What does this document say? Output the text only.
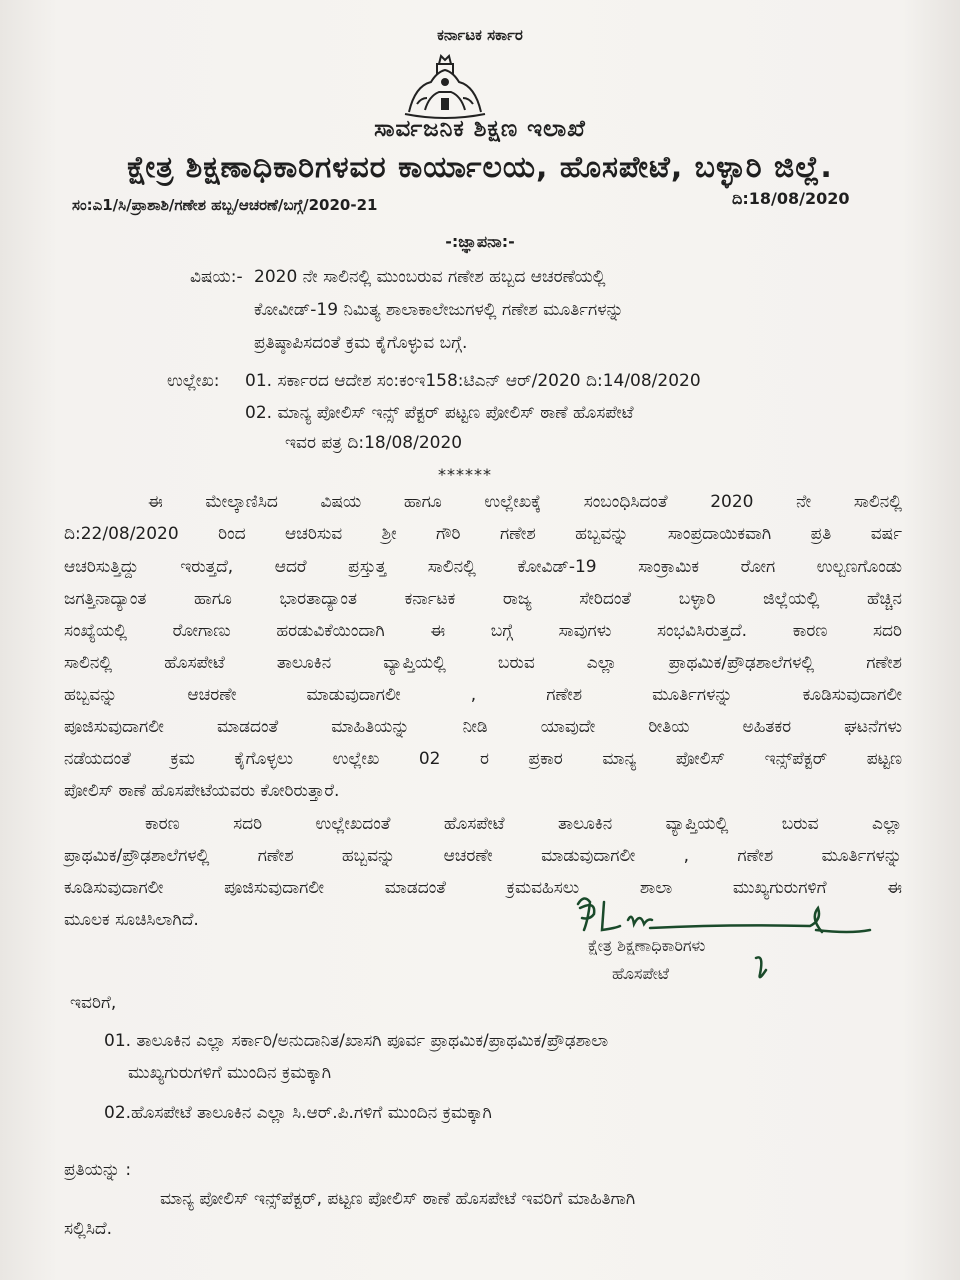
ಕರ್ನಾಟಕ ಸರ್ಕಾರ
ಸಾರ್ವಜನಿಕ ಶಿಕ್ಷಣ ಇಲಾಖೆ
ಕ್ಷೇತ್ರ ಶಿಕ್ಷಣಾಧಿಕಾರಿಗಳವರ ಕಾರ್ಯಾಲಯ, ಹೊಸಪೇಟೆ, ಬಳ್ಳಾರಿ ಜಿಲ್ಲೆ.
ದಿ:18/08/2020
ಸಂ:ಎ1/ಸಿ/ಪ್ರಾಶಾಶಿ/ಗಣೇಶ ಹಬ್ಬ/ಆಚರಣೆ/ಬಗ್ಗೆ/2020-21
-:ಜ್ಞಾಪನಾ:-
ವಿಷಯ:- 2020 ನೇ ಸಾಲಿನಲ್ಲಿ ಮುಂಬರುವ ಗಣೇಶ ಹಬ್ಬದ ಆಚರಣೆಯಲ್ಲಿ
ಕೋವೀಡ್-19 ನಿಮಿತ್ಯ ಶಾಲಾಕಾಲೇಜುಗಳಲ್ಲಿ ಗಣೇಶ ಮೂರ್ತಿಗಳನ್ನು
ಪ್ರತಿಷ್ಠಾಪಿಸದಂತೆ ಕ್ರಮ ಕೈಗೊಳ್ಳುವ ಬಗ್ಗೆ.
ಉಲ್ಲೇಖ: 01. ಸರ್ಕಾರದ ಆದೇಶ ಸಂ:ಕಂಇ158:ಟಿಎನ್ ಆರ್/2020 ದಿ:14/08/2020
02. ಮಾನ್ಯ ಪೋಲಿಸ್ ಇನ್ಸ್ ಪೆಕ್ಟರ್ ಪಟ್ಟಣ ಪೋಲಿಸ್ ಠಾಣೆ ಹೊಸಪೇಟೆ
ಇವರ ಪತ್ರ ದಿ:18/08/2020
******
ಈ ಮೇಲ್ಕಾಣಿಸಿದ ವಿಷಯ ಹಾಗೂ ಉಲ್ಲೇಖಕ್ಕೆ ಸಂಬಂಧಿಸಿದಂತೆ 2020 ನೇ ಸಾಲಿನಲ್ಲಿ
ದಿ:22/08/2020 ರಿಂದ ಆಚರಿಸುವ ಶ್ರೀ ಗೌರಿ ಗಣೇಶ ಹಬ್ಬವನ್ನು ಸಾಂಪ್ರದಾಯಿಕವಾಗಿ ಪ್ರತಿ ವರ್ಷ
ಆಚರಿಸುತ್ತಿದ್ದು ಇರುತ್ತದೆ, ಆದರೆ ಪ್ರಸ್ತುತ್ತ ಸಾಲಿನಲ್ಲಿ ಕೋವಿಡ್-19 ಸಾಂಕ್ರಾಮಿಕ ರೋಗ ಉಲ್ಬಣಗೊಂಡು
ಜಗತ್ತಿನಾದ್ಯಾಂತ ಹಾಗೂ ಭಾರತಾದ್ಯಾಂತ ಕರ್ನಾಟಕ ರಾಜ್ಯ ಸೇರಿದಂತೆ ಬಳ್ಳಾರಿ ಜಿಲ್ಲೆಯಲ್ಲಿ ಹೆಚ್ಚಿನ
ಸಂಖ್ಯೆಯಲ್ಲಿ ರೋಗಾಣು ಹರಡುವಿಕೆಯಿಂದಾಗಿ ಈ ಬಗ್ಗೆ ಸಾವುಗಳು ಸಂಭವಿಸಿರುತ್ತದೆ. ಕಾರಣ ಸದರಿ
ಸಾಲಿನಲ್ಲಿ ಹೊಸಪೇಟೆ ತಾಲೂಕಿನ ವ್ಯಾಪ್ತಿಯಲ್ಲಿ ಬರುವ ಎಲ್ಲಾ ಪ್ರಾಥಮಿಕ/ಪ್ರೌಢಶಾಲೆಗಳಲ್ಲಿ ಗಣೇಶ
ಹಬ್ಬವನ್ನು ಆಚರಣೇ ಮಾಡುವುದಾಗಲೀ , ಗಣೇಶ ಮೂರ್ತಿಗಳನ್ನು ಕೂಡಿಸುವುದಾಗಲೀ
ಪೂಜಿಸುವುದಾಗಲೀ ಮಾಡದಂತೆ ಮಾಹಿತಿಯನ್ನು ನೀಡಿ ಯಾವುದೇ ರೀತಿಯ ಅಹಿತಕರ ಘಟನೆಗಳು
ನಡೆಯದಂತೆ ಕ್ರಮ ಕೈಗೊಳ್ಳಲು ಉಲ್ಲೇಖ 02 ರ ಪ್ರಕಾರ ಮಾನ್ಯ ಪೋಲಿಸ್ ಇನ್ಸ್‌ಪೆಕ್ಟರ್ ಪಟ್ಟಣ
ಪೋಲಿಸ್ ಠಾಣೆ ಹೊಸಪೇಟೆಯವರು ಕೋರಿರುತ್ತಾರೆ.
ಕಾರಣ ಸದರಿ ಉಲ್ಲೇಖದಂತೆ ಹೊಸಪೇಟೆ ತಾಲೂಕಿನ ವ್ಯಾಪ್ತಿಯಲ್ಲಿ ಬರುವ ಎಲ್ಲಾ
ಪ್ರಾಥಮಿಕ/ಪ್ರೌಢಶಾಲೆಗಳಲ್ಲಿ ಗಣೇಶ ಹಬ್ಬವನ್ನು ಆಚರಣೇ ಮಾಡುವುದಾಗಲೀ , ಗಣೇಶ ಮೂರ್ತಿಗಳನ್ನು
ಕೂಡಿಸುವುದಾಗಲೀ ಪೂಜಿಸುವುದಾಗಲೀ ಮಾಡದಂತೆ ಕ್ರಮವಹಿಸಲು ಶಾಲಾ ಮುಖ್ಯಗುರುಗಳಿಗೆ ಈ
ಮೂಲಕ ಸೂಚಿಸಿಲಾಗಿದೆ.
ಕ್ಷೇತ್ರ ಶಿಕ್ಷಣಾಧಿಕಾರಿಗಳು
ಹೊಸಪೇಟೆ
ಇವರಿಗೆ,
01. ತಾಲೂಕಿನ ಎಲ್ಲಾ ಸರ್ಕಾರಿ/ಅನುದಾನಿತ/ಖಾಸಗಿ ಪೂರ್ವ ಪ್ರಾಥಮಿಕ/ಪ್ರಾಥಮಿಕ/ಪ್ರೌಢಶಾಲಾ
ಮುಖ್ಯಗುರುಗಳಿಗೆ ಮುಂದಿನ ಕ್ರಮಕ್ಕಾಗಿ
02.ಹೊಸಪೇಟೆ ತಾಲೂಕಿನ ಎಲ್ಲಾ ಸಿ.ಆರ್.ಪಿ.ಗಳಿಗೆ ಮುಂದಿನ ಕ್ರಮಕ್ಕಾಗಿ
ಪ್ರತಿಯನ್ನು :
ಮಾನ್ಯ ಪೋಲಿಸ್ ಇನ್ಸ್‌ಪೆಕ್ಟರ್, ಪಟ್ಟಣ ಪೋಲಿಸ್ ಠಾಣೆ ಹೊಸಪೇಟೆ ಇವರಿಗೆ ಮಾಹಿತಿಗಾಗಿ
ಸಲ್ಲಿಸಿದೆ.
